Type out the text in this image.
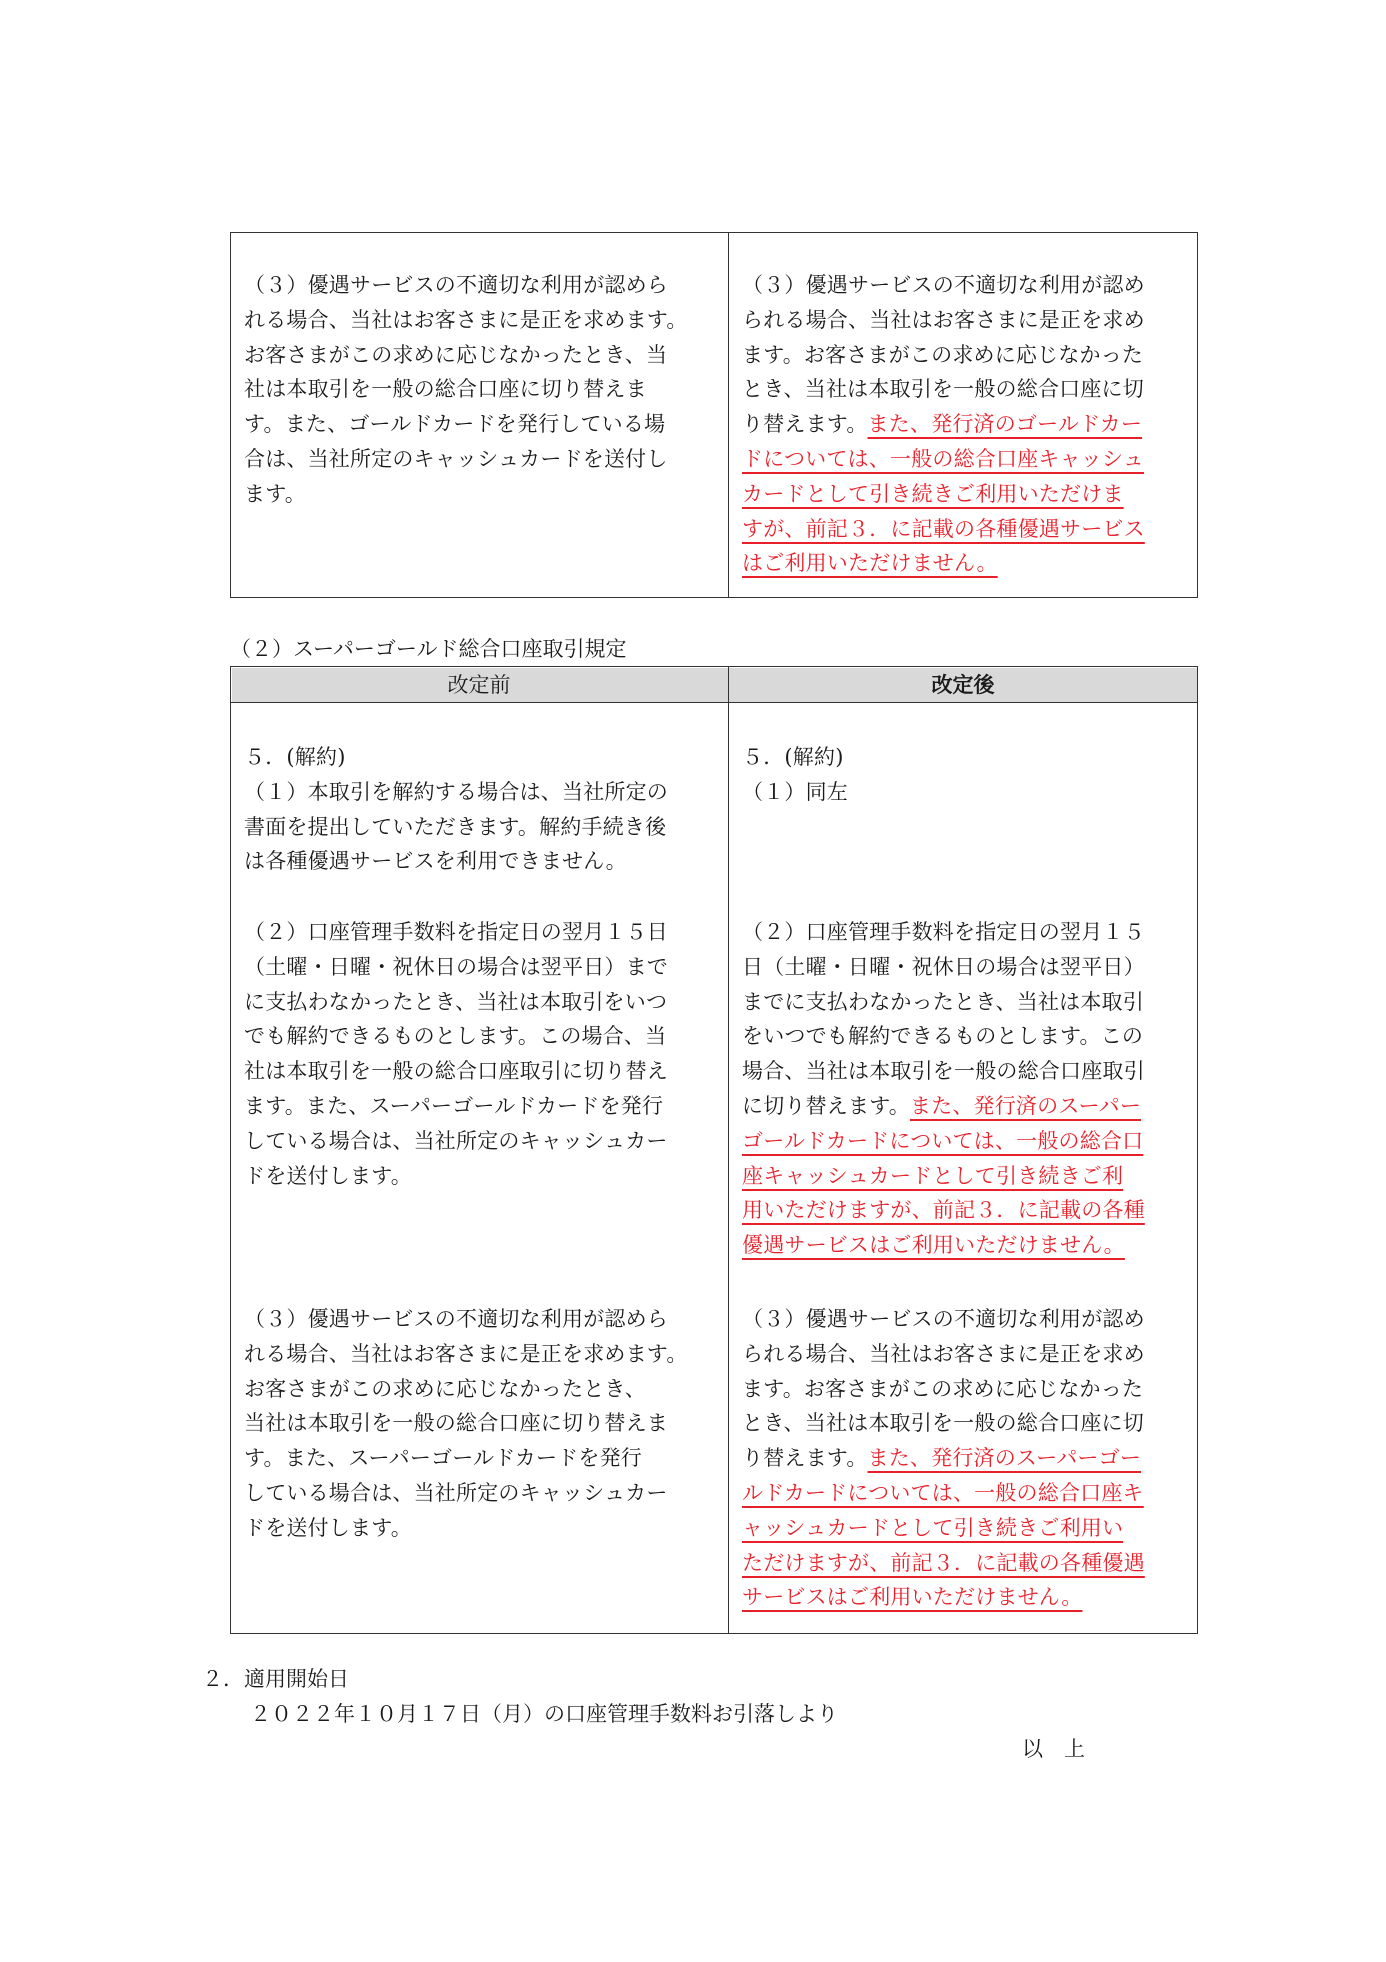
（３）優遇サービスの不適切な利用が認めら
れる場合、当社はお客さまに是正を求めます。
お客さまがこの求めに応じなかったとき、当
社は本取引を一般の総合口座に切り替えま
す。また、ゴールドカードを発行している場
合は、当社所定のキャッシュカードを送付し
ます。
（３）優遇サービスの不適切な利用が認め
られる場合、当社はお客さまに是正を求め
ます。お客さまがこの求めに応じなかった
とき、当社は本取引を一般の総合口座に切
り替えます。また、発行済のゴールドカー
ドについては、一般の総合口座キャッシュ
カードとして引き続きご利用いただけま
すが、前記３．に記載の各種優遇サービス
はご利用いただけません。
（２）スーパーゴールド総合口座取引規定
改定前	改定後
５．(解約)
（１）本取引を解約する場合は、当社所定の
書面を提出していただきます。解約手続き後
は各種優遇サービスを利用できません。
５．(解約)
（１）同左
（２）口座管理手数料を指定日の翌月１５日
（土曜・日曜・祝休日の場合は翌平日）まで
に支払わなかったとき、当社は本取引をいつ
でも解約できるものとします。この場合、当
社は本取引を一般の総合口座取引に切り替え
ます。また、スーパーゴールドカードを発行
している場合は、当社所定のキャッシュカー
ドを送付します。
（２）口座管理手数料を指定日の翌月１５
日（土曜・日曜・祝休日の場合は翌平日）
までに支払わなかったとき、当社は本取引
をいつでも解約できるものとします。この
場合、当社は本取引を一般の総合口座取引
に切り替えます。また、発行済のスーパー
ゴールドカードについては、一般の総合口
座キャッシュカードとして引き続きご利
用いただけますが、前記３．に記載の各種
優遇サービスはご利用いただけません。
（３）優遇サービスの不適切な利用が認めら
れる場合、当社はお客さまに是正を求めます。
お客さまがこの求めに応じなかったとき、
当社は本取引を一般の総合口座に切り替えま
す。また、スーパーゴールドカードを発行
している場合は、当社所定のキャッシュカー
ドを送付します。
（３）優遇サービスの不適切な利用が認め
られる場合、当社はお客さまに是正を求め
ます。お客さまがこの求めに応じなかった
とき、当社は本取引を一般の総合口座に切
り替えます。また、発行済のスーパーゴー
ルドカードについては、一般の総合口座キ
ャッシュカードとして引き続きご利用い
ただけますが、前記３．に記載の各種優遇
サービスはご利用いただけません。
２．適用開始日
２０２２年１０月１７日（月）の口座管理手数料お引落しより
以　上
